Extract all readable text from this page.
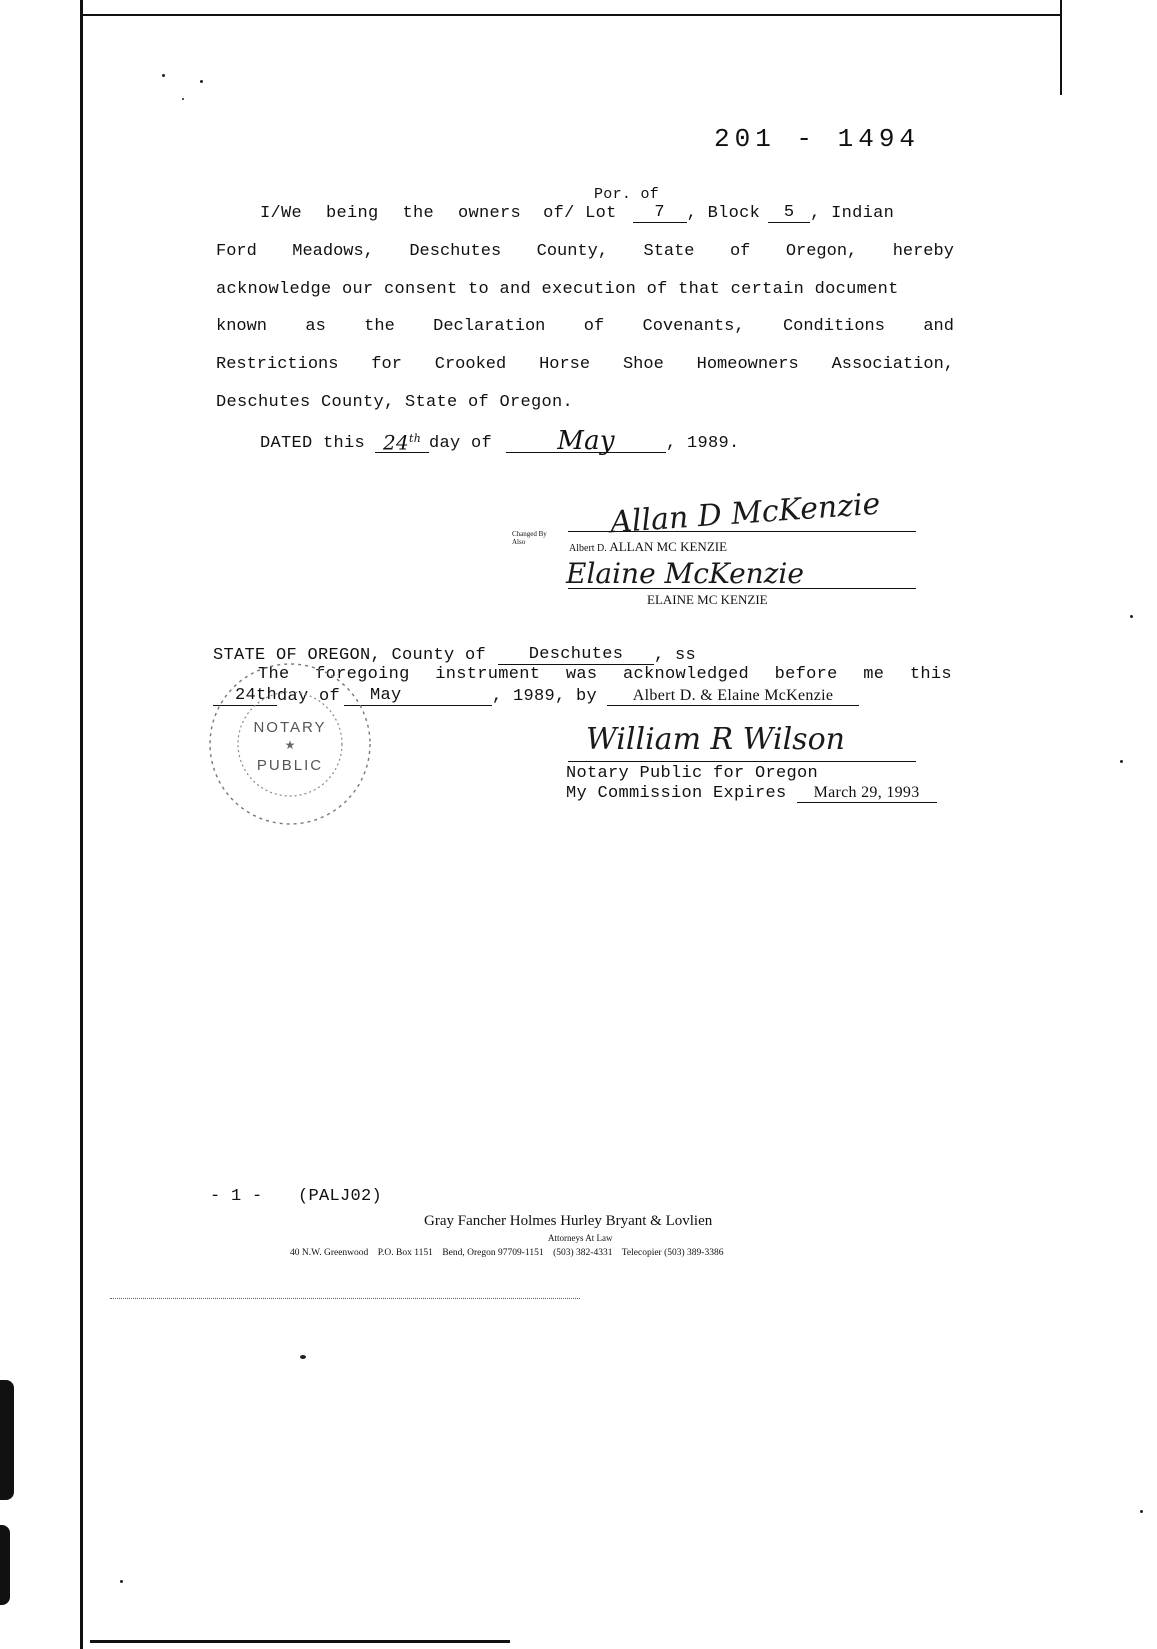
201 - 1494
Por. of
I/We being the owners of / Lot	7	, Block	5 , Indian
Ford Meadows, Deschutes County, State of Oregon, hereby
acknowledge our consent to and execution of that certain document
known as the Declaration of Covenants, Conditions and
Restrictions for Crooked Horse Shoe Homeowners Association,
Deschutes County, State of Oregon.
DATED this 24th day of	May	, 1989.
Allan D McKenzie
Changed By Also
Albert D. ALLAN MC KENZIE
Elaine McKenzie
ELAINE MC KENZIE
STATE OF OREGON, County of	Deschutes	, ss
The foregoing instrument was acknowledged before me this
24th day of	May	, 1989, by	Albert D. & Elaine McKenzie
NOTARY
★
PUBLIC
William R Wilson
Notary Public for Oregon
My Commission Expires	March 29, 1993
- 1 - (PALJ02)
Gray Fancher Holmes Hurley Bryant & Lovlien
Attorneys At Law
40 N.W. Greenwood    P.O. Box 1151    Bend, Oregon 97709-1151    (503) 382-4331    Telecopier (503) 389-3386
